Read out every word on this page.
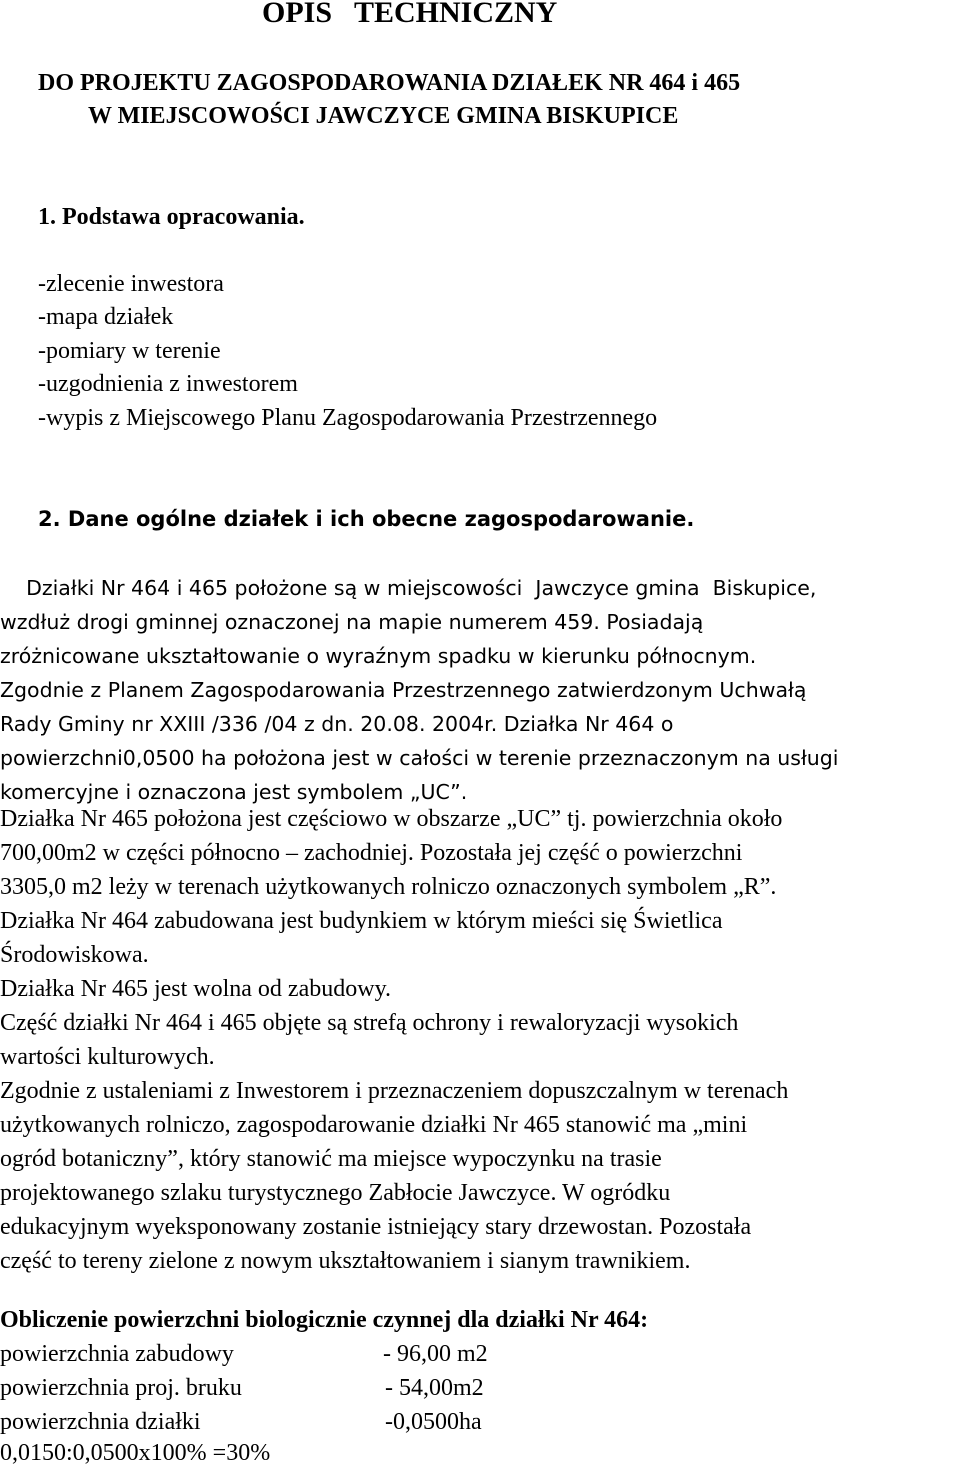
OPIS   TECHNICZNY
DO PROJEKTU ZAGOSPODAROWANIA DZIAŁEK NR 464 i 465
W MIEJSCOWOŚCI JAWCZYCE GMINA BISKUPICE
1. Podstawa opracowania.
-zlecenie inwestora
-mapa działek
-pomiary w terenie
-uzgodnienia z inwestorem
-wypis z Miejscowego Planu Zagospodarowania Przestrzennego
2. Dane ogólne działek i ich obecne zagospodarowanie.
Działki Nr 464 i 465 położone są w miejscowości  Jawczyce gmina  Biskupice,
wzdłuż drogi gminnej oznaczonej na mapie numerem 459. Posiadają
zróżnicowane ukształtowanie o wyraźnym spadku w kierunku północnym.
Zgodnie z Planem Zagospodarowania Przestrzennego zatwierdzonym Uchwałą
Rady Gminy nr XXIII /336 /04 z dn. 20.08. 2004r. Działka Nr 464 o
powierzchni0,0500 ha położona jest w całości w terenie przeznaczonym na usługi
komercyjne i oznaczona jest symbolem „UC”.
Działka Nr 465 położona jest częściowo w obszarze „UC” tj. powierzchnia około
700,00m2 w części północno – zachodniej. Pozostała jej część o powierzchni
3305,0 m2 leży w terenach użytkowanych rolniczo oznaczonych symbolem „R”.
Działka Nr 464 zabudowana jest budynkiem w którym mieści się Świetlica
Środowiskowa.
Działka Nr 465 jest wolna od zabudowy.
Część działki Nr 464 i 465 objęte są strefą ochrony i rewaloryzacji wysokich
wartości kulturowych.
Zgodnie z ustaleniami z Inwestorem i przeznaczeniem dopuszczalnym w terenach
użytkowanych rolniczo, zagospodarowanie działki Nr 465 stanowić ma „mini
ogród botaniczny”, który stanowić ma miejsce wypoczynku na trasie
projektowanego szlaku turystycznego Zabłocie Jawczyce. W ogródku
edukacyjnym wyeksponowany zostanie istniejący stary drzewostan. Pozostała
część to tereny zielone z nowym ukształtowaniem i sianym trawnikiem.
Obliczenie powierzchni biologicznie czynnej dla działki Nr 464:
powierzchnia zabudowy	- 96,00 m2
powierzchnia proj. bruku	- 54,00m2
powierzchnia działki	-0,0500ha
0,0150:0,0500x100% =30%
